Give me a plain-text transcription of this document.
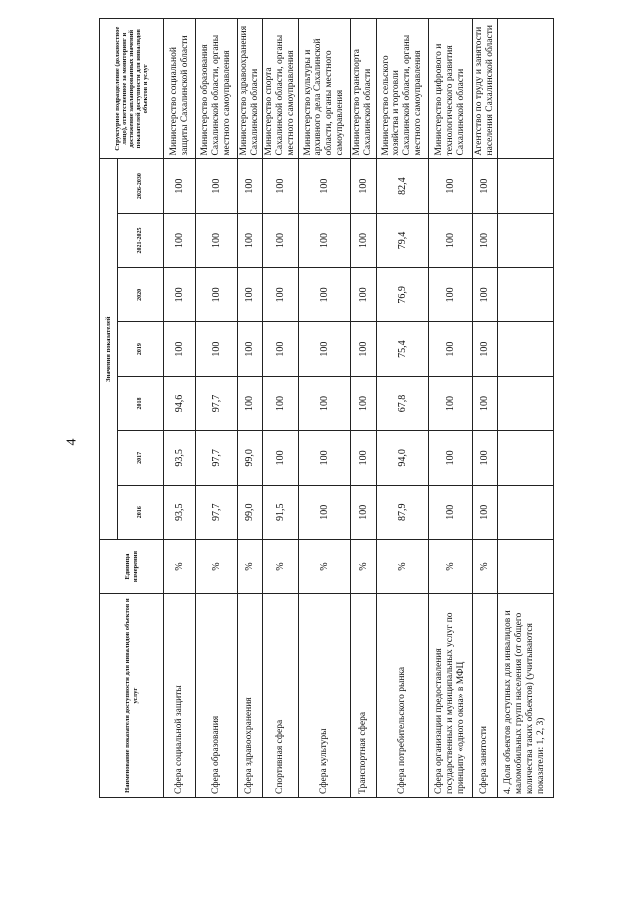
4
Наименование показателя доступности для инвалидов объектов и услуг	Единица измерения	Значения показателей							Структурное подразделение (должностное лицо), ответственное за мониторинг и достижение запланированных значений показателей доступности для инвалидов объектов и услуг
		2016	2017	2018	2019	2020	2021-2025	2026-2030	
Сфера социальной защиты	%	93,5	93,5	94,6	100	100	100	100	Министерство социальной защиты Сахалинской области
Сфера образования	%	97,7	97,7	97,7	100	100	100	100	Министерство образования Сахалинской области, органы местного самоуправления
Сфера здравоохранения	%	99,0	99,0	100	100	100	100	100	Министерство здравоохранения Сахалинской области
Спортивная сфера	%	91,5	100	100	100	100	100	100	Министерство спорта Сахалинской области, органы местного самоуправления
Сфера культуры	%	100	100	100	100	100	100	100	Министерство культуры и архивного дела Сахалинской области, органы местного самоуправления
Транспортная сфера	%	100	100	100	100	100	100	100	Министерство транспорта Сахалинской области
Сфера потребительского рынка	%	87,9	94,0	67,8	75,4	76,9	79,4	82,4	Министерство сельского хозяйства и торговли Сахалинской области, органы местного самоуправления
Сфера организации предоставления государственных и муниципальных услуг по принципу «одного окна» в МФЦ	%	100	100	100	100	100	100	100	Министерство цифрового и технологического развития Сахалинской области
Сфера занятости	%	100	100	100	100	100	100	100	Агентство по труду и занятости населения Сахалинской области
4. Доля объектов доступных для инвалидов и маломобильных групп населения (от общего количества таких объектов) (учитываются показатели: 1, 2, 3)									
